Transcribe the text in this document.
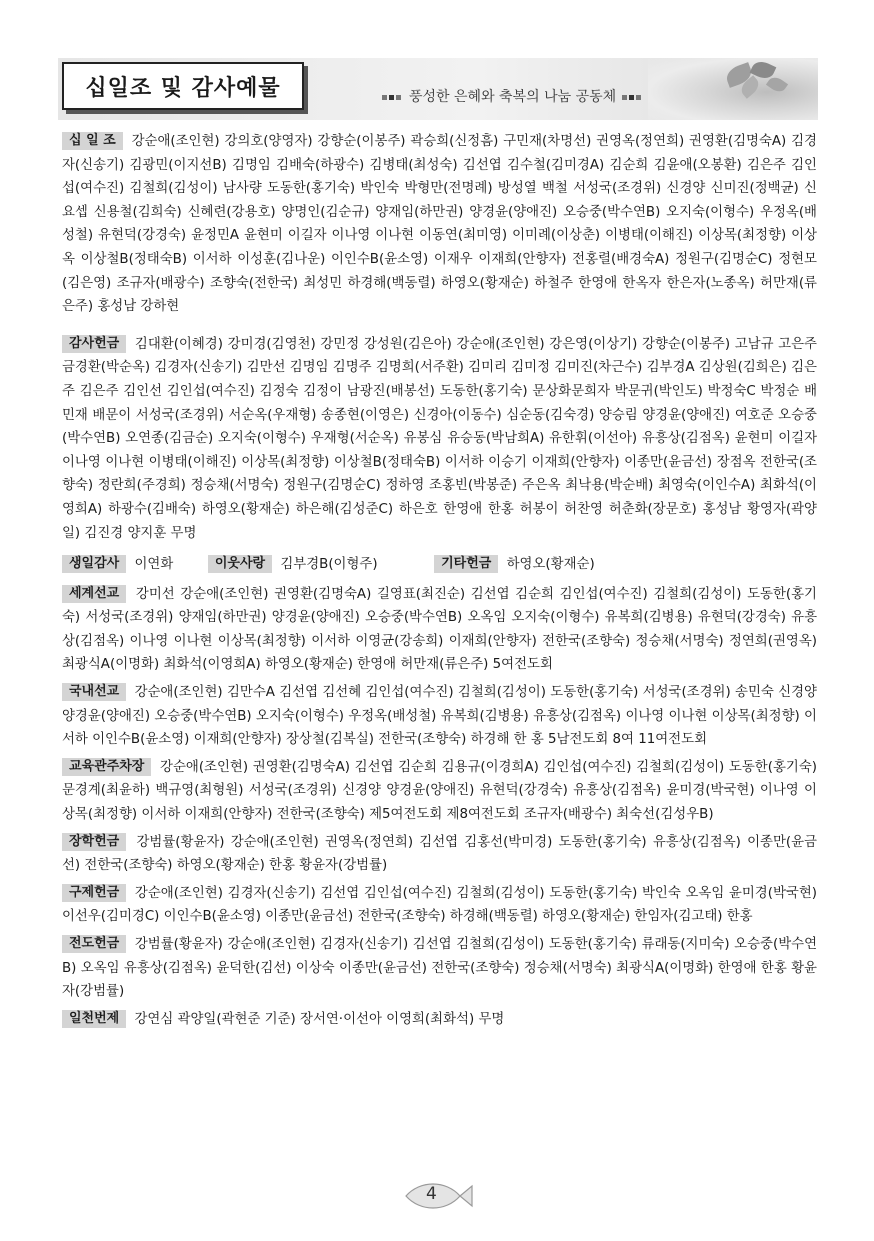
십일조 및 감사예물	풍성한 은혜와 축복의 나눔 공동체
십 일 조 강순애(조인현) 강의호(양영자) 강향순(이봉주) 곽승희(신정흠) 구민재(차명선) 권영옥(정연희) 권영환(김명숙A) 김경자(신송기) 김광민(이지선B) 김명임 김배숙(하광수) 김병태(최성숙) 김선엽 김수철(김미경A) 김순희 김윤애(오봉환) 김은주 김인섭(여수진) 김철희(김성이) 남사량 도동한(홍기숙) 박인숙 박형만(전명례) 방성열 백철 서성국(조경위) 신경양 신미진(정백균) 신요셉 신용철(김희숙) 신혜련(강용호) 양명인(김순규) 양재임(하만권) 양경윤(양애진) 오승중(박수연B) 오지숙(이형수) 우정옥(배성철) 유현덕(강경숙) 윤정민A 윤현미 이길자 이나영 이나현 이동연(최미영) 이미례(이상춘) 이병태(이해진) 이상목(최정향) 이상옥 이상철B(정태숙B) 이서하 이성훈(김나운) 이인수B(윤소영) 이재우 이재희(안향자) 전홍렬(배경숙A) 정원구(김명순C) 정현모(김은영) 조규자(배광수) 조향숙(전한국) 최성민 하경해(백동렬) 하영오(황재순) 하철주 한영애 한옥자 한은자(노종옥) 허만재(류은주) 홍성남 강하현
감사헌금 김대환(이혜경) 강미경(김영천) 강민정 강성원(김은아) 강순애(조인현) 강은영(이상기) 강향순(이봉주) 고남규 고은주 금경환(박순옥) 김경자(신송기) 김만선 김명임 김명주 김명희(서주환) 김미리 김미정 김미진(차근수) 김부경A 김상원(김희은) 김은주 김은주 김인선 김인섭(여수진) 김정숙 김정이 남광진(배봉선) 도동한(홍기숙) 문상화문희자 박문귀(박인도) 박정숙C 박정순 배민재 배문이 서성국(조경위) 서순옥(우재형) 송종현(이영은) 신경아(이동수) 심순동(김숙경) 양승림 양경윤(양애진) 여호준 오승중(박수연B) 오연종(김금순) 오지숙(이형수) 우재형(서순옥) 유봉심 유승동(박남희A) 유한휘(이선아) 유흥상(김점옥) 윤현미 이길자 이나영 이나현 이병태(이해진) 이상목(최정향) 이상철B(정태숙B) 이서하 이승기 이재희(안향자) 이종만(윤금선) 장점옥 전한국(조향숙) 정란희(주경희) 정승채(서명숙) 정원구(김명순C) 정하영 조홍빈(박봉준) 주은옥 최낙용(박순배) 최영숙(이인수A) 최화석(이영희A) 하광수(김배숙) 하영오(황재순) 하은해(김성준C) 하은호 한영애 한홍 허봉이 허찬영 허춘화(장문호) 홍성남 황영자(곽양일) 김진경 양지훈 무명
생일감사 이연화	이웃사랑 김부경B(이형주)	기타헌금 하영오(황재순)
세계선교 강미선 강순애(조인현) 권영환(김명숙A) 길영표(최진순) 김선엽 김순희 김인섭(여수진) 김철희(김성이) 도동한(홍기숙) 서성국(조경위) 양재임(하만권) 양경윤(양애진) 오승중(박수연B) 오옥임 오지숙(이형수) 유복희(김병용) 유현덕(강경숙) 유흥상(김점옥) 이나영 이나현 이상목(최정향) 이서하 이영균(강송희) 이재희(안향자) 전한국(조향숙) 정승채(서명숙) 정연희(권영옥) 최광식A(이명화) 최화석(이영희A) 하영오(황재순) 한영애 허만재(류은주) 5여전도회
국내선교 강순애(조인현) 김만수A 김선엽 김선혜 김인섭(여수진) 김철희(김성이) 도동한(홍기숙) 서성국(조경위) 송민숙 신경양 양경윤(양애진) 오승중(박수연B) 오지숙(이형수) 우정옥(배성철) 유복희(김병용) 유흥상(김점옥) 이나영 이나현 이상목(최정향) 이서하 이인수B(윤소영) 이재희(안향자) 장상철(김복실) 전한국(조향숙) 하경해 한 홍 5남전도회 8여 11여전도회
교육관주차장 강순애(조인현) 권영환(김명숙A) 김선엽 김순희 김용규(이경희A) 김인섭(여수진) 김철희(김성이) 도동한(홍기숙) 문경계(최윤하) 백규영(최형원) 서성국(조경위) 신경양 양경윤(양애진) 유현덕(강경숙) 유흥상(김점옥) 윤미경(박국현) 이나영 이상목(최정향) 이서하 이재희(안향자) 전한국(조향숙) 제5여전도회 제8여전도회 조규자(배광수) 최숙선(김성우B)
장학헌금 강범률(황윤자) 강순애(조인현) 권영옥(정연희) 김선엽 김홍선(박미경) 도동한(홍기숙) 유흥상(김점옥) 이종만(윤금선) 전한국(조향숙) 하영오(황재순) 한홍 황윤자(강범률)
구제헌금 강순애(조인현) 김경자(신송기) 김선엽 김인섭(여수진) 김철희(김성이) 도동한(홍기숙) 박인숙 오옥임 윤미경(박국현) 이선우(김미경C) 이인수B(윤소영) 이종만(윤금선) 전한국(조향숙) 하경해(백동렬) 하영오(황재순) 한임자(김고태) 한홍
전도헌금 강범률(황윤자) 강순애(조인현) 김경자(신송기) 김선엽 김철희(김성이) 도동한(홍기숙) 류래동(지미숙) 오승중(박수연B) 오옥임 유흥상(김점옥) 윤덕한(김선) 이상숙 이종만(윤금선) 전한국(조향숙) 정승채(서명숙) 최광식A(이명화) 한영애 한홍 황윤자(강범률)
일천번제 강연심 곽양일(곽현준 기준) 장서연·이선아 이영희(최화석) 무명
4
